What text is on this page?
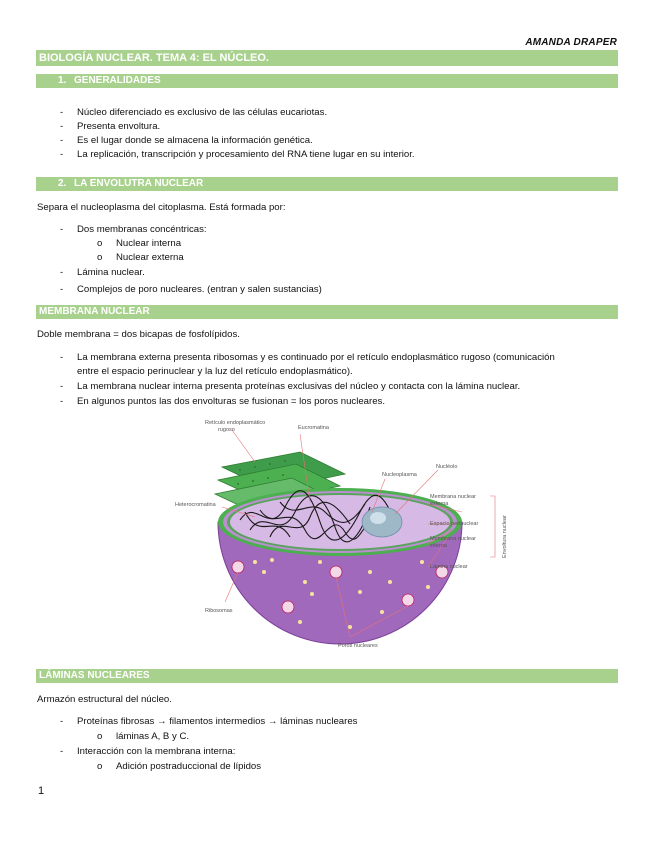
AMANDA DRAPER
BIOLOGÍA NUCLEAR. TEMA 4: EL NÚCLEO.
1. GENERALIDADES
- Núcleo diferenciado es exclusivo de las células eucariotas.
- Presenta envoltura.
- Es el lugar donde se almacena la información genética.
- La replicación, transcripción y procesamiento del RNA tiene lugar en su interior.
2. LA ENVOLUTRA NUCLEAR
Separa el nucleoplasma del citoplasma. Está formada por:
- Dos membranas concéntricas:
o Nuclear interna
o Nuclear externa
- Lámina nuclear.
- Complejos de poro nucleares. (entran y salen sustancias)
MEMBRANA NUCLEAR
Doble membrana = dos bicapas de fosfolípidos.
- La membrana externa presenta ribosomas y es continuado por el retículo endoplasmático rugoso (comunicación
entre el espacio perinuclear y la luz del retículo endoplasmático).
- La membrana nuclear interna presenta proteínas exclusivas del núcleo y contacta con la lámina nuclear.
- En algunos puntos las dos envolturas se fusionan = los poros nucleares.
Retículo endoplasmático
rugoso	Eucromatina
Nucléolo
Nucleoplasma
Heterocromatina
Membrana nuclear
externa
Espacio perinuclear
Membrana nuclear
interna
Lámina nuclear
Ribosomas
Poros nucleares
Envoltura nuclear
LÁMINAS NUCLEARES
Armazón estructural del núcleo.
- Proteínas fibrosas → filamentos intermedios → láminas nucleares
o láminas A, B y C.
- Interacción con la membrana interna:
o Adición postraduccional de lípidos
1
